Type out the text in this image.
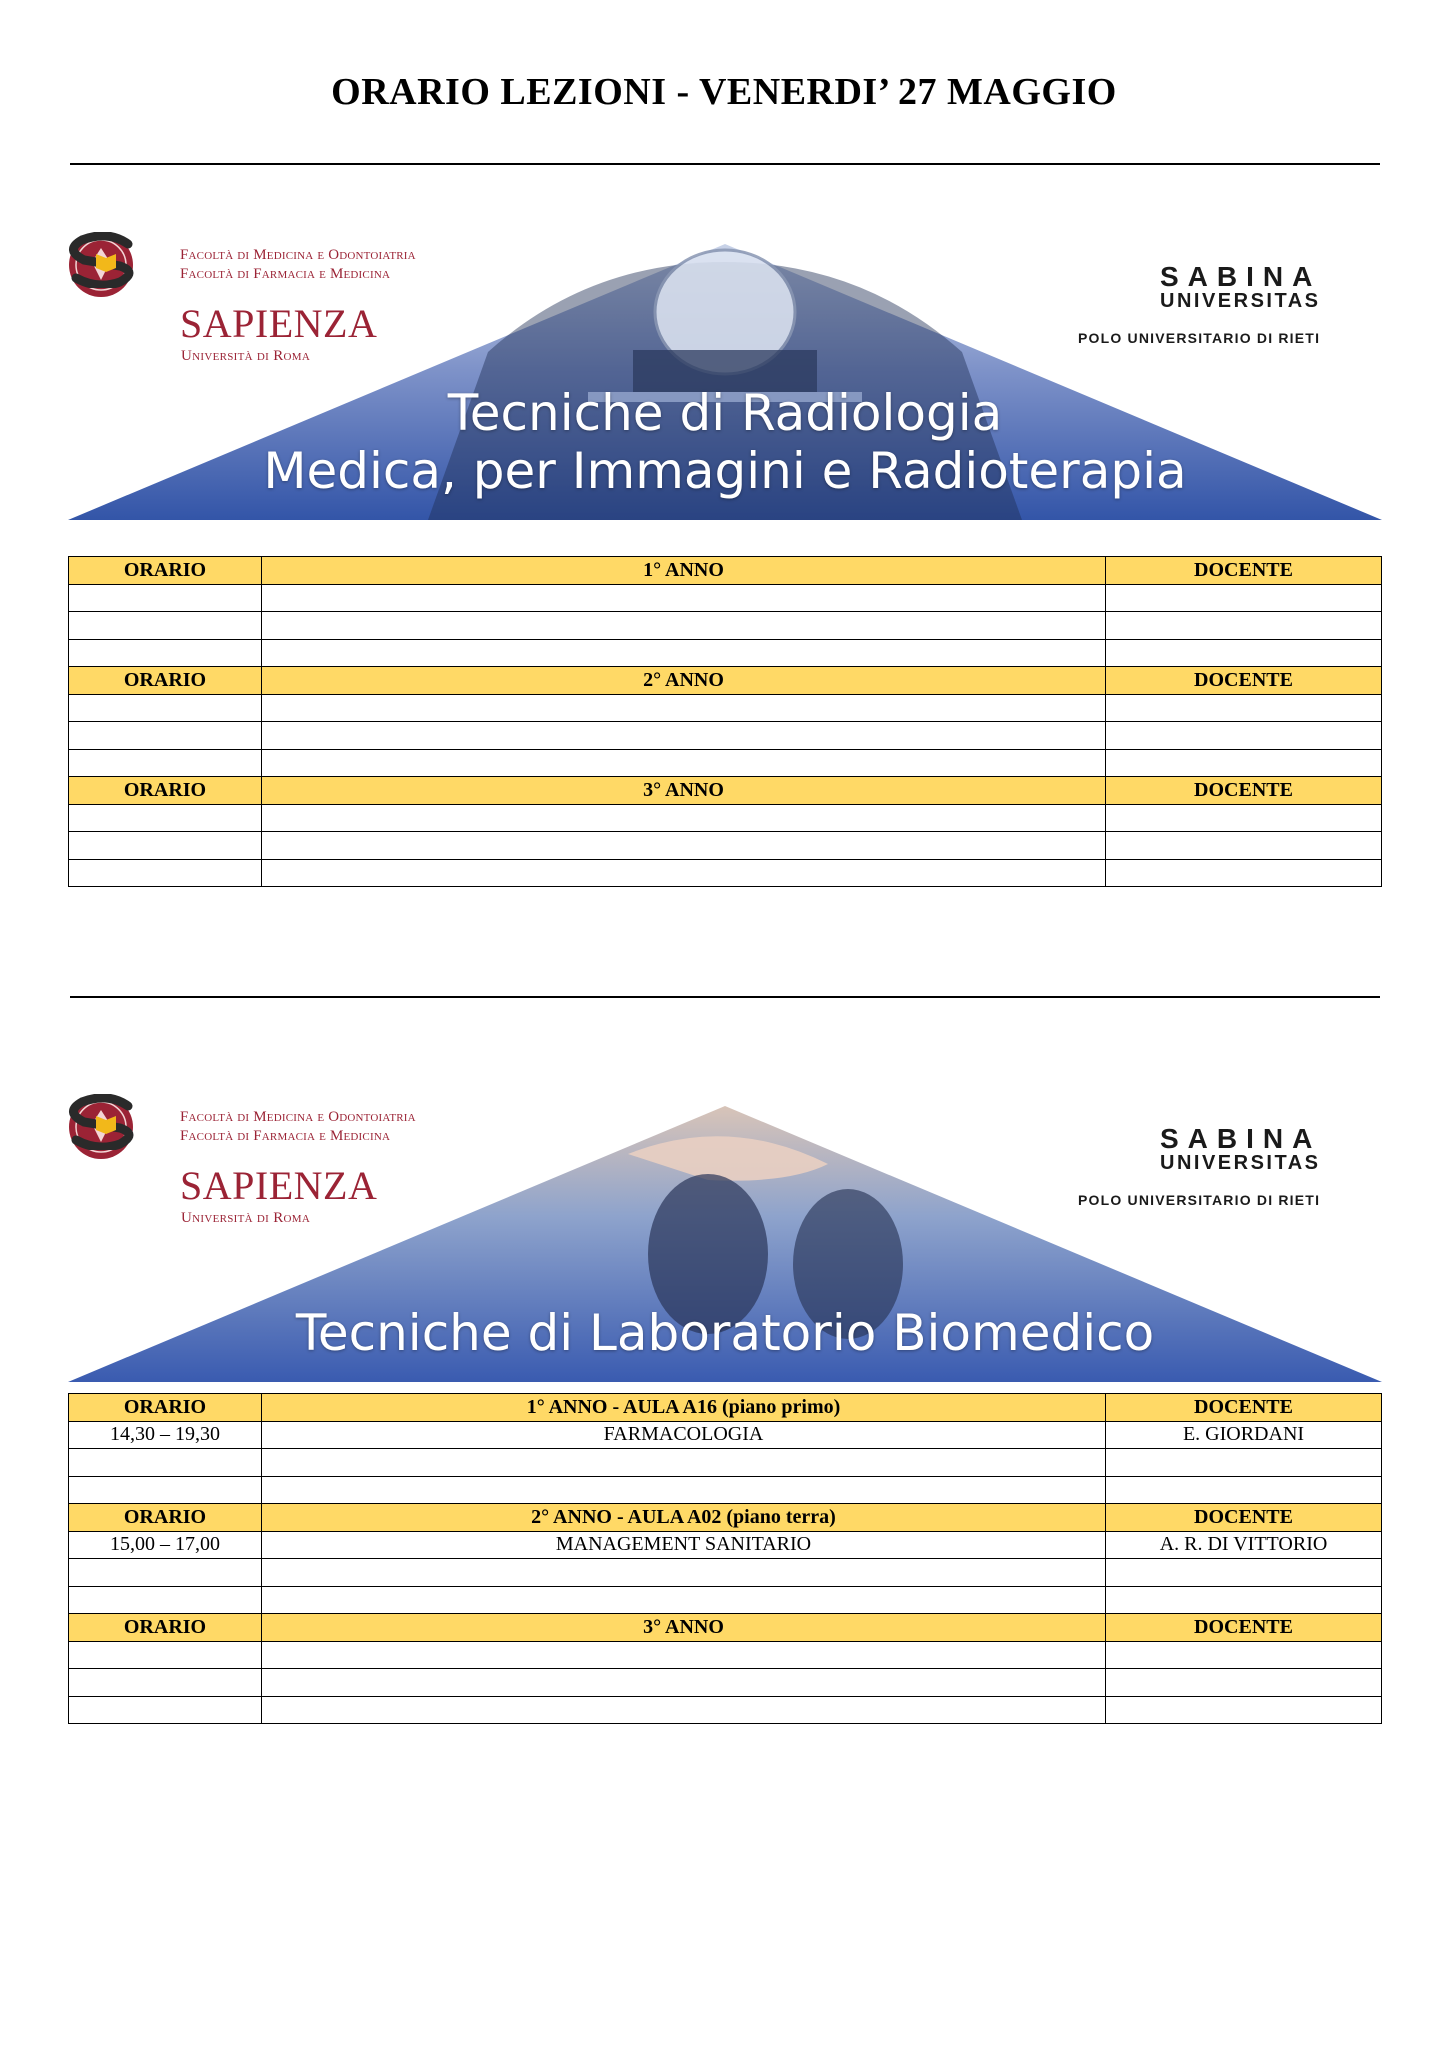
ORARIO LEZIONI - VENERDI’ 27 MAGGIO
Facoltà di Medicina e Odontoiatria
Facoltà di Farmacia e Medicina
SAPIENZA
Università di Roma
SABINA
UNIVERSITAS
POLO UNIVERSITARIO DI RIETI
Tecniche di Radiologia
Medica, per Immagini e Radioterapia
ORARIO	1° ANNO	DOCENTE

ORARIO	2° ANNO	DOCENTE

ORARIO	3° ANNO	DOCENTE

Facoltà di Medicina e Odontoiatria
Facoltà di Farmacia e Medicina
SAPIENZA
Università di Roma
SABINA
UNIVERSITAS
POLO UNIVERSITARIO DI RIETI
Tecniche di Laboratorio Biomedico
ORARIO	1° ANNO - AULA A16 (piano primo)	DOCENTE
14,30 – 19,30	FARMACOLOGIA	E. GIORDANI

ORARIO	2° ANNO - AULA A02 (piano terra)	DOCENTE
15,00 – 17,00	MANAGEMENT SANITARIO	A. R. DI VITTORIO

ORARIO	3° ANNO	DOCENTE
